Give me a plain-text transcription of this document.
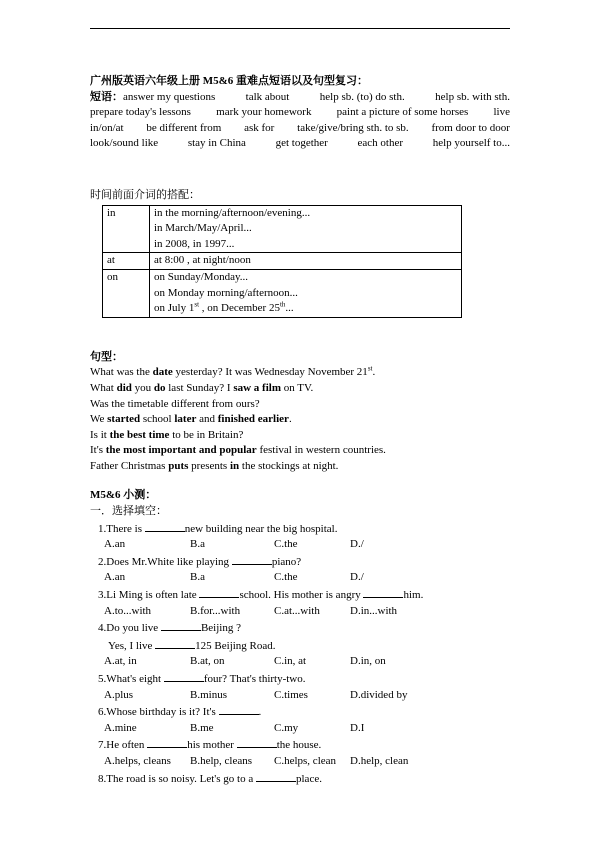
广州版英语六年级上册 M5&6 重难点短语以及句型复习：
短语：answer my questions	talk about	help sb. (to) do sth.	help sb. with sth.
prepare today's lessons mark your homework paint a picture of some horses live
in/on/at be different from ask for take/give/bring sth. to sb. from door to door
look/sound like	stay in China	get together	each other	help yourself to...
时间前面介词的搭配：
in	in the morning/afternoon/evening...
in March/May/April...
in 2008, in 1997...

at	at 8:00 , at night/noon

on	on Sunday/Monday...
on Monday morning/afternoon...
on July 1st , on December 25th...
句型：
What was the date yesterday? It was Wednesday November 21st.
What did you do last Sunday? I saw a film on TV.
Was the timetable different from ours?
We started school later and finished earlier.
Is it the best time to be in Britain?
It's the most important and popular festival in western countries.
Father Christmas puts presents in the stockings at night.
M5&6 小测：
一．选择填空：
1.There is	new building near the big hospital.
A.an	B.a	C.the	D./
2.Does Mr.White like playing	piano?
A.an	B.a	C.the	D./
3.Li Ming is often late	school. His mother is angry	him.
A.to...with	B.for...with	C.at...with	D.in...with
4.Do you live	Beijing ?
Yes, I live	125 Beijing Road.
A.at, in	B.at, on	C.in, at	D.in, on
5.What's eight	four? That's thirty-two.
A.plus	B.minus	C.times	D.divided by
6.Whose birthday is it? It's	.
A.mine	B.me	C.my	D.I
7.He often	his mother	the house.
A.helps, cleans	B.help, cleans	C.helps, clean	D.help, clean
8.The road is so noisy. Let's go to a	place.
